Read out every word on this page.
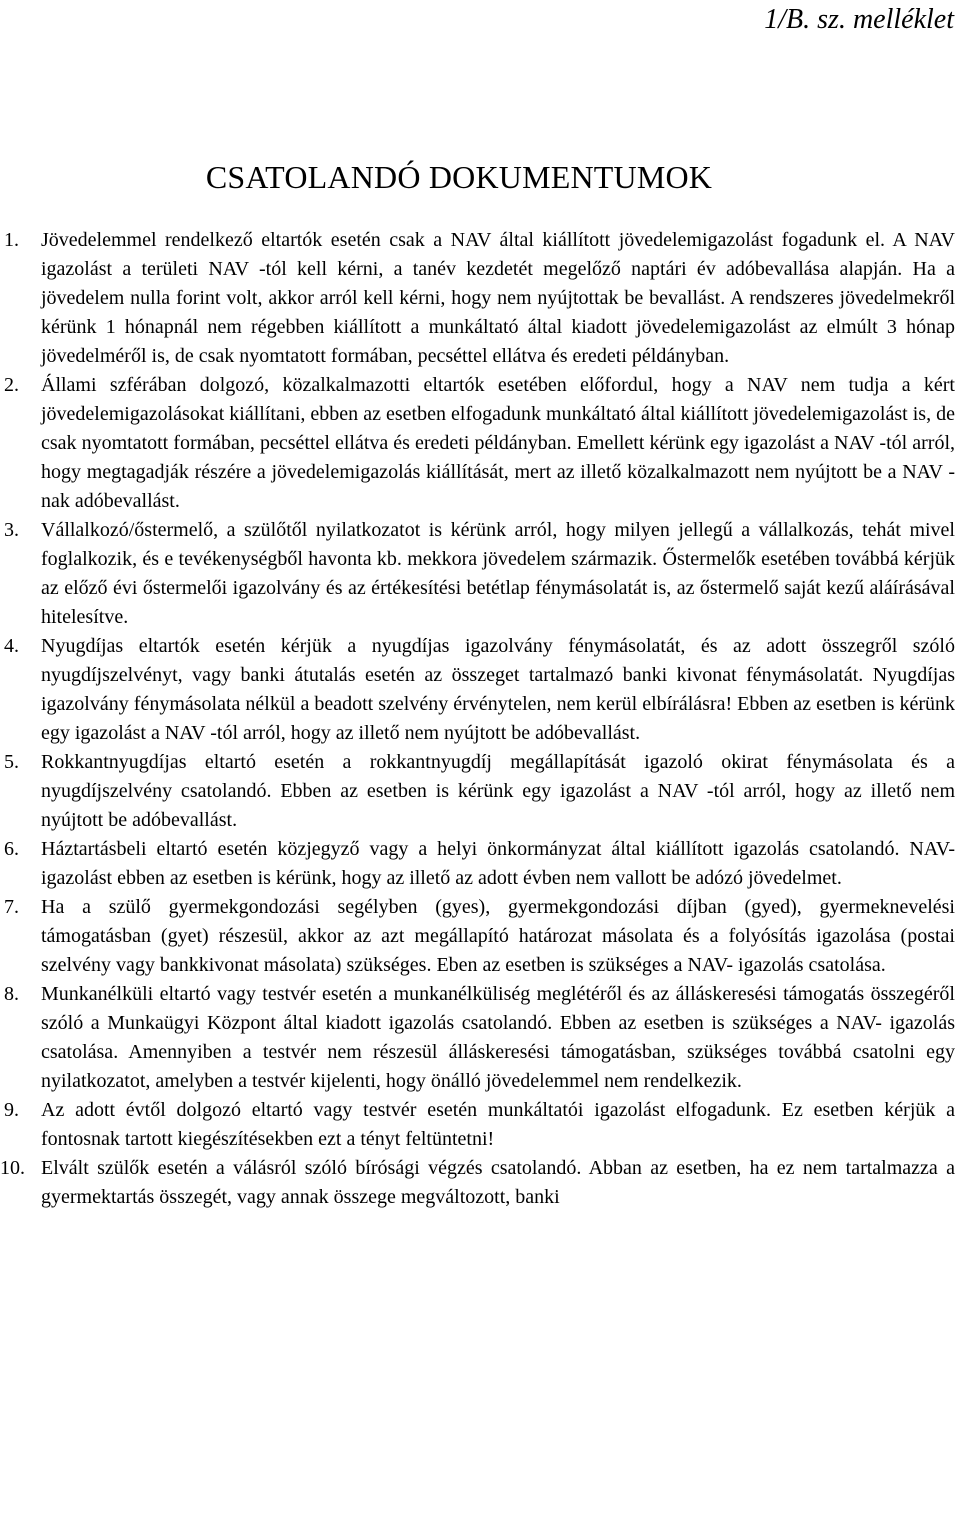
1/B. sz. melléklet
CSATOLANDÓ DOKUMENTUMOK
1. Jövedelemmel rendelkező eltartók esetén csak a NAV által kiállított jövedelemigazolást fogadunk el. A NAV igazolást a területi NAV -tól kell kérni, a tanév kezdetét megelőző naptári év adóbevallása alapján. Ha a jövedelem nulla forint volt, akkor arról kell kérni, hogy nem nyújtottak be bevallást. A rendszeres jövedelmekről kérünk 1 hónapnál nem régebben kiállított a munkáltató által kiadott jövedelemigazolást az elmúlt 3 hónap jövedelméről is, de csak nyomtatott formában, pecséttel ellátva és eredeti példányban.
2. Állami szférában dolgozó, közalkalmazotti eltartók esetében előfordul, hogy a NAV nem tudja a kért jövedelemigazolásokat kiállítani, ebben az esetben elfogadunk munkáltató által kiállított jövedelemigazolást is, de csak nyomtatott formában, pecséttel ellátva és eredeti példányban. Emellett kérünk egy igazolást a NAV -tól arról, hogy megtagadják részére a jövedelemigazolás kiállítását, mert az illető közalkalmazott nem nyújtott be a NAV -nak adóbevallást.
3. Vállalkozó/őstermelő, a szülőtől nyilatkozatot is kérünk arról, hogy milyen jellegű a vállalkozás, tehát mivel foglalkozik, és e tevékenységből havonta kb. mekkora jövedelem származik. Őstermelők esetében továbbá kérjük az előző évi őstermelői igazolvány és az értékesítési betétlap fénymásolatát is, az őstermelő saját kezű aláírásával hitelesítve.
4. Nyugdíjas eltartók esetén kérjük a nyugdíjas igazolvány fénymásolatát, és az adott összegről szóló nyugdíjszelvényt, vagy banki átutalás esetén az összeget tartalmazó banki kivonat fénymásolatát. Nyugdíjas igazolvány fénymásolata nélkül a beadott szelvény érvénytelen, nem kerül elbírálásra! Ebben az esetben is kérünk egy igazolást a NAV -tól arról, hogy az illető nem nyújtott be adóbevallást.
5. Rokkantnyugdíjas eltartó esetén a rokkantnyugdíj megállapítását igazoló okirat fénymásolata és a nyugdíjszelvény csatolandó. Ebben az esetben is kérünk egy igazolást a NAV -tól arról, hogy az illető nem nyújtott be adóbevallást.
6. Háztartásbeli eltartó esetén közjegyző vagy a helyi önkormányzat által kiállított igazolás csatolandó. NAV- igazolást ebben az esetben is kérünk, hogy az illető az adott évben nem vallott be adózó jövedelmet.
7. Ha a szülő gyermekgondozási segélyben (gyes), gyermekgondozási díjban (gyed), gyermeknevelési támogatásban (gyet) részesül, akkor az azt megállapító határozat másolata és a folyósítás igazolása (postai szelvény vagy bankkivonat másolata) szükséges. Eben az esetben is szükséges a NAV- igazolás csatolása.
8. Munkanélküli eltartó vagy testvér esetén a munkanélküliség meglétéről és az álláskeresési támogatás összegéről szóló a Munkaügyi Központ által kiadott igazolás csatolandó. Ebben az esetben is szükséges a NAV- igazolás csatolása. Amennyiben a testvér nem részesül álláskeresési támogatásban, szükséges továbbá csatolni egy nyilatkozatot, amelyben a testvér kijelenti, hogy önálló jövedelemmel nem rendelkezik.
9. Az adott évtől dolgozó eltartó vagy testvér esetén munkáltatói igazolást elfogadunk. Ez esetben kérjük a fontosnak tartott kiegészítésekben ezt a tényt feltüntetni!
10. Elvált szülők esetén a válásról szóló bírósági végzés csatolandó. Abban az esetben, ha ez nem tartalmazza a gyermektartás összegét, vagy annak összege megváltozott, banki
